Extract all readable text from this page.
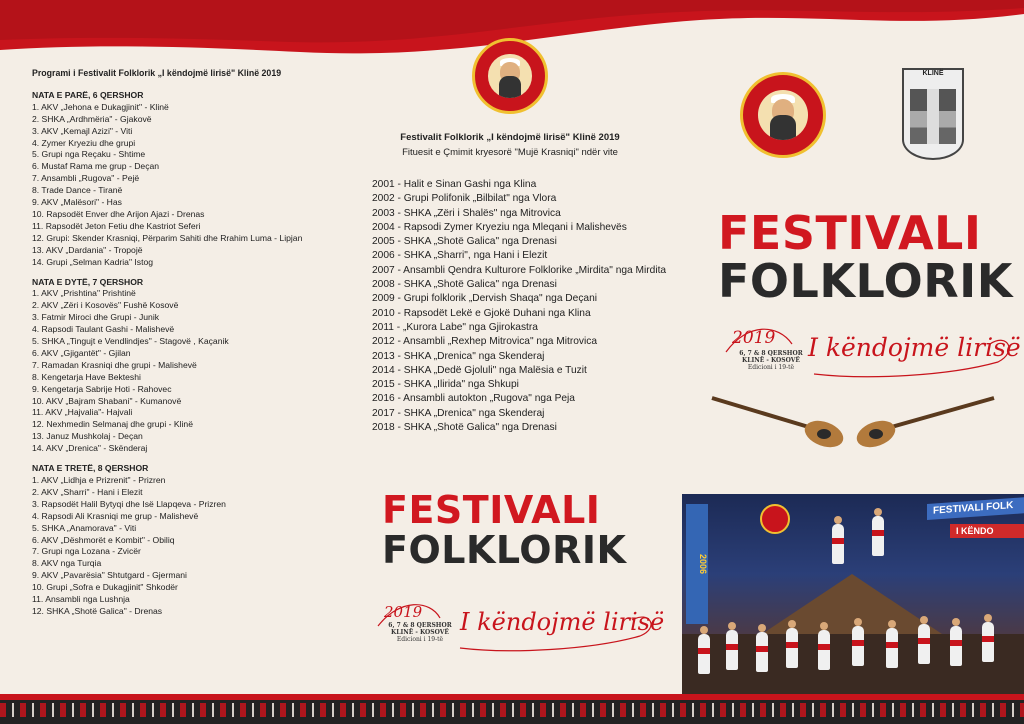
Programi i Festivalit Folklorik „I këndojmë lirisë" Klinë 2019
NATA E PARË, 6 QERSHOR
1. AKV „Jehona e Dukagjinit" - Klinë
2. SHKA „Ardhmëria" - Gjakovë
3. AKV „Kemajl Azizi" - Viti
4. Zymer Kryeziu dhe grupi
5. Grupi nga Reçaku - Shtime
6. Mustaf Rama me grup - Deçan
7. Ansambli „Rugova" - Pejë
8. Trade Dance - Tiranë
9. AKV „Malësori" - Has
10. Rapsodët Enver dhe Arijon Ajazi - Drenas
11. Rapsodët Jeton Fetiu dhe Kastriot Seferi
12. Grupi: Skender Krasniqi, Përparim Sahiti dhe Rrahim Luma - Lipjan
13. AKV „Dardania" - Tropojë
14. Grupi „Selman Kadria" Istog
NATA E DYTË, 7 QERSHOR
1. AKV „Prishtina" Prishtinë
2. AKV „Zëri i Kosovës" Fushë Kosovë
3. Fatmir Miroci dhe Grupi - Junik
4. Rapsodi Taulant Gashi - Malishevë
5. SHKA „Tingujt e Vendlindjes" - Stagovë , Kaçanik
6. AKV „Gjigantët" - Gjilan
7. Ramadan Krasniqi dhe grupi - Malishevë
8. Kengetarja Have Bekteshi
9. Kengetarja Sabrije Hoti - Rahovec
10. AKV „Bajram Shabani" - Kumanovë
11. AKV „Hajvalia"- Hajvali
12. Nexhmedin Selmanaj dhe grupi - Klinë
13. Januz Mushkolaj - Deçan
14. AKV „Drenica" - Skënderaj
NATA E TRETË, 8 QERSHOR
1. AKV „Lidhja e Prizrenit" - Prizren
2. AKV „Sharri" - Hani i Elezit
3. Rapsodët Halil Bytyqi dhe Isë Llapqeva - Prizren
4. Rapsodi Ali Krasniqi me grup - Malishevë
5. SHKA „Anamorava" - Viti
6. AKV „Dëshmorët e Kombit" - Obiliq
7. Grupi nga Lozana - Zvicër
8. AKV nga Turqia
9. AKV „Pavarësia" Shtutgard - Gjermani
10. Grupi „Sofra e Dukagjinit" Shkodër
11. Ansambli nga Lushnja
12. SHKA „Shotë Galica" - Drenas
Festivalit Folklorik „I këndojmë lirisë" Klinë 2019
Fituesit e Çmimit kryesorë "Mujë Krasniqi" ndër vite
2001 - Halit e Sinan Gashi nga Klina
2002 - Grupi Polifonik „Bilbilat" nga Vlora
2003 - SHKA „Zëri i Shalës" nga Mitrovica
2004 - Rapsodi Zymer Kryeziu nga Mleqani i Malishevës
2005 - SHKA „Shotë Galica" nga Drenasi
2006 - SHKA „Sharri", nga Hani i Elezit
2007 - Ansambli Qendra Kulturore Folklorike „Mirdita" nga Mirdita
2008 - SHKA „Shotë Galica" nga Drenasi
2009 - Grupi folklorik „Dervish Shaqa" nga Deçani
2010 - Rapsodët Lekë e Gjokë Duhani nga Klina
2011 - „Kurora Labe" nga Gjirokastra
2012 - Ansambli „Rexhep Mitrovica" nga Mitrovica
2013 - SHKA „Drenica" nga Skenderaj
2014 - SHKA „Dedë Gjoluli" nga Malësia e Tuzit
2015 - SHKA „Ilirida" nga Shkupi
2016 - Ansambli autokton „Rugova" nga Peja
2017 - SHKA „Drenica" nga Skenderaj
2018 - SHKA „Shotë Galica" nga Drenasi
FESTIVALI
FOLKLORIK
2019
6, 7 & 8 QERSHOR
KLINË - KOSOVË
Edicioni i 19-të
I këndojmë lirisë
KLINË
FESTIVALI
FOLKLORIK
2019
6, 7 & 8 QERSHOR
KLINË - KOSOVË
Edicioni i 19-të
I këndojmë lirisë
2006
FESTIVALI FOLK
I KËNDO
